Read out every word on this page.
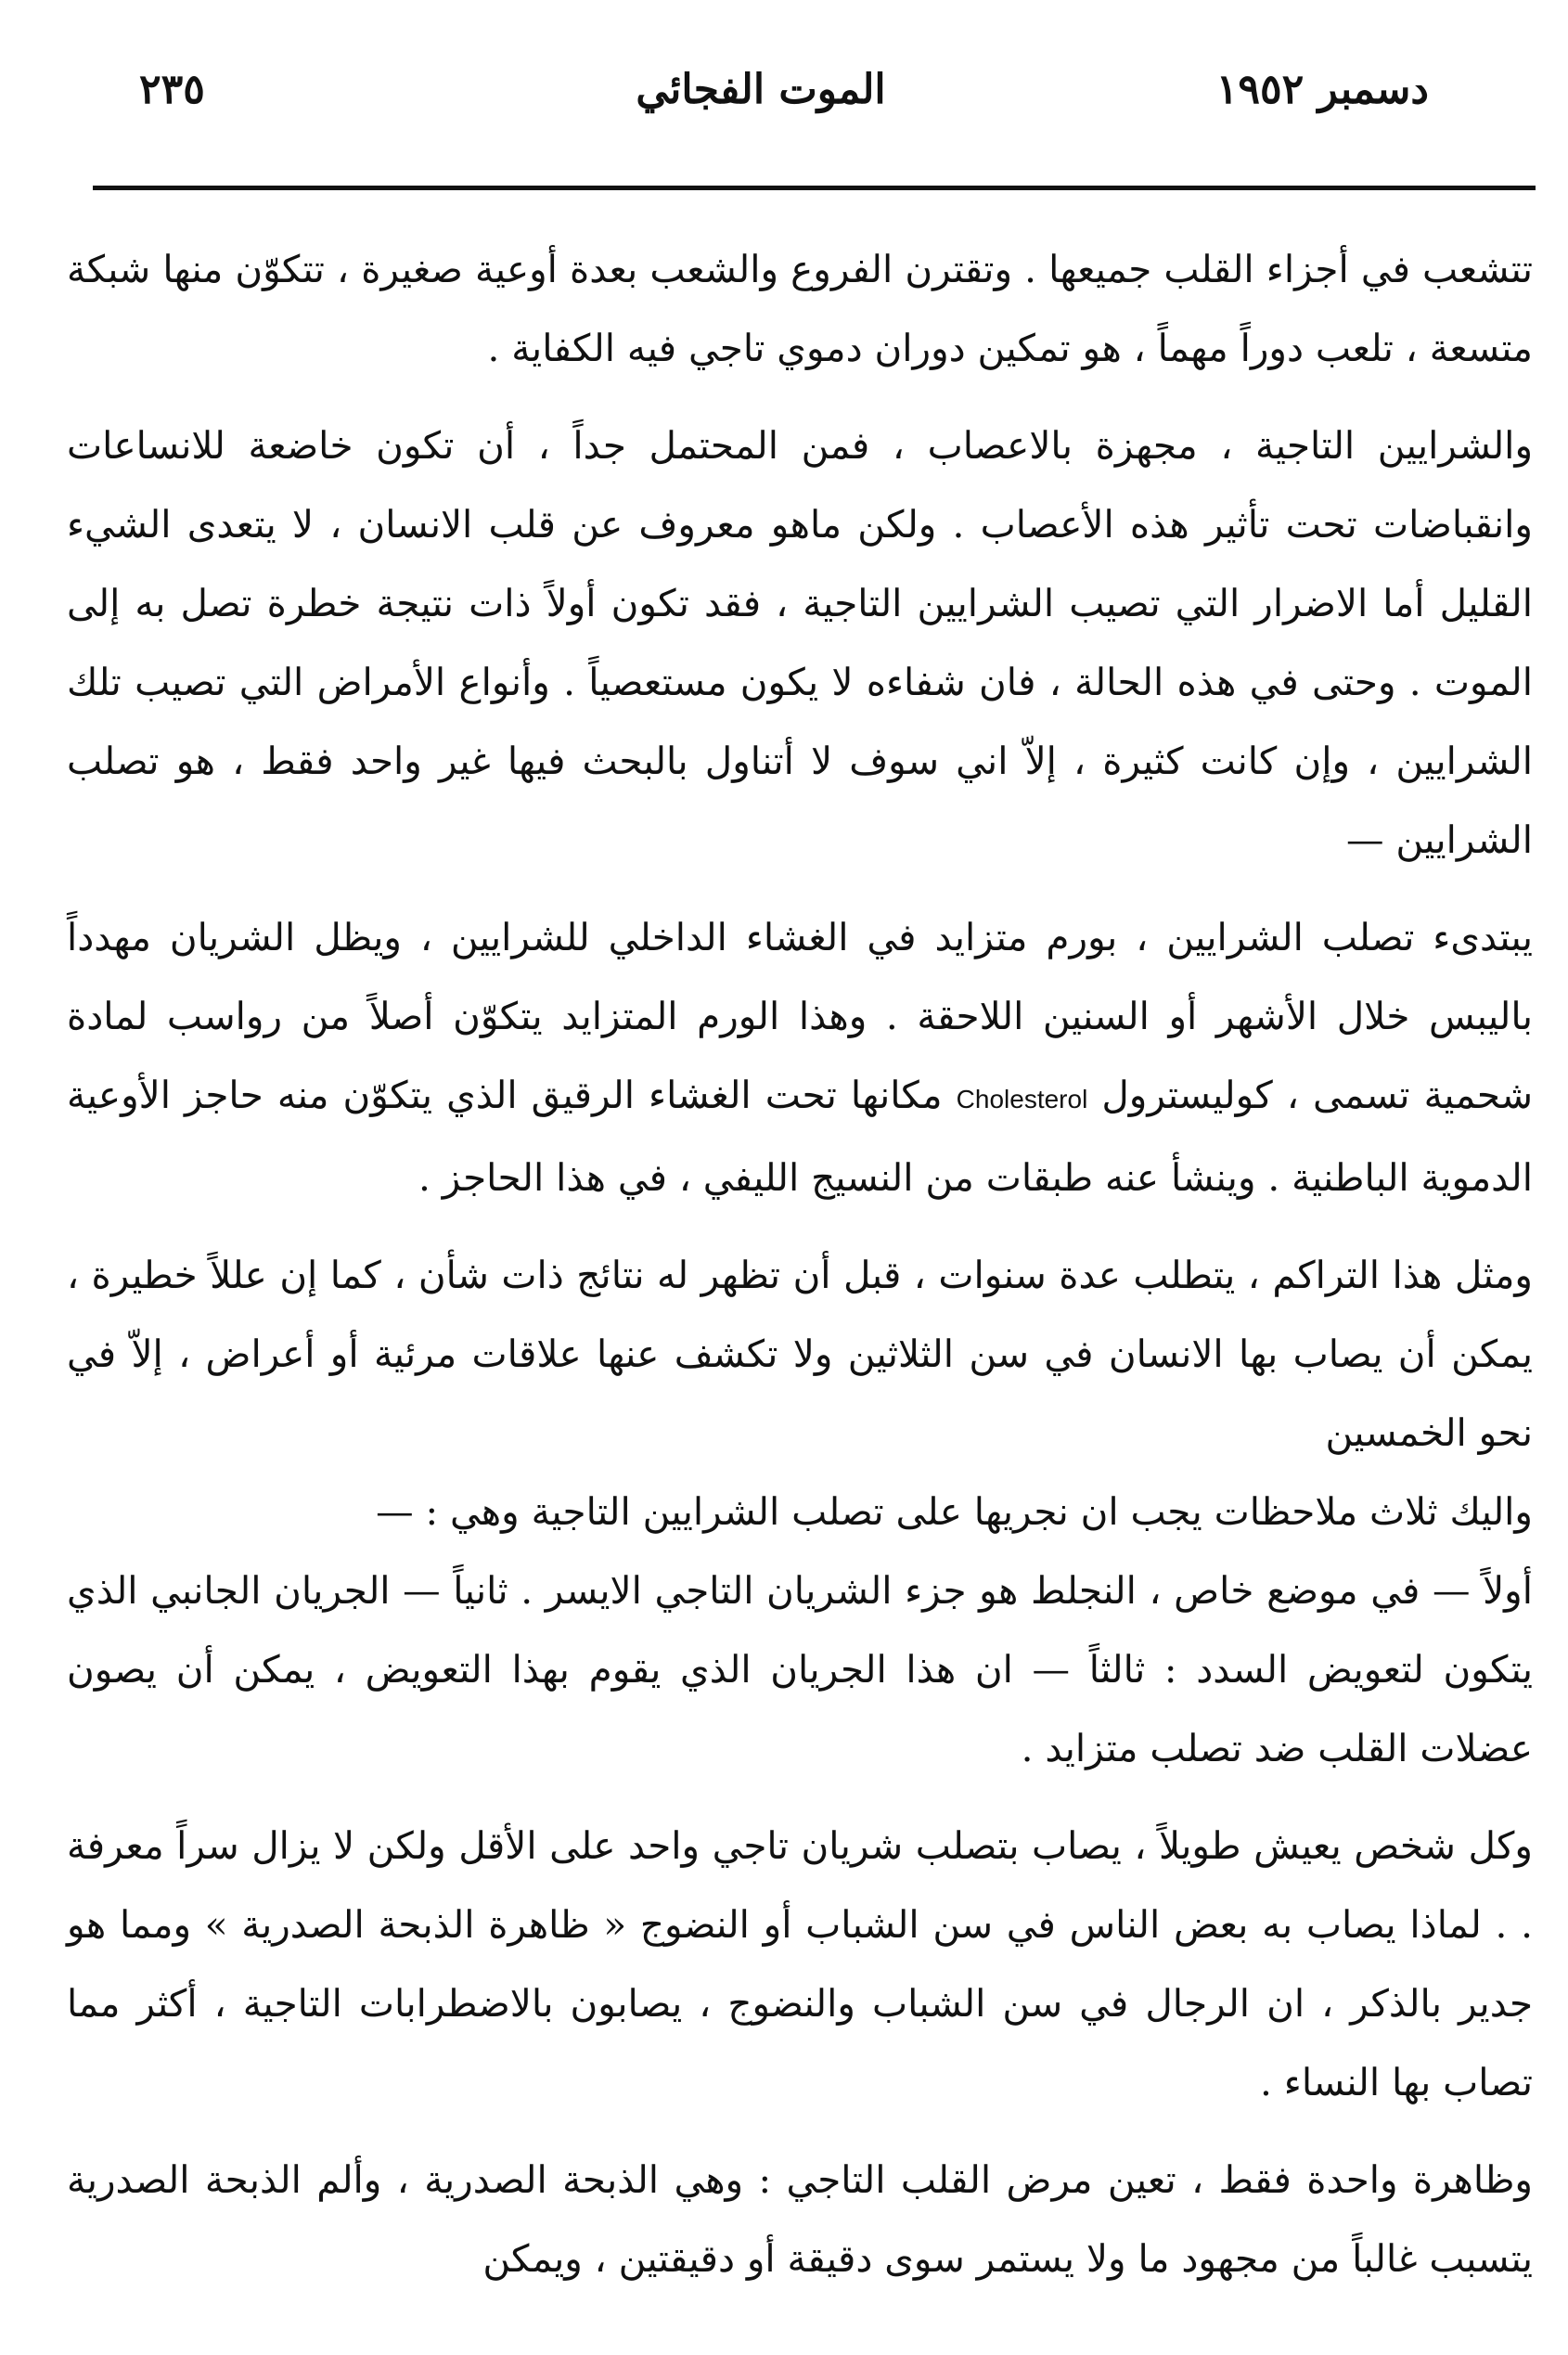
دسمبر ١٩٥٢
الموت الفجائي
٢٣٥

تتشعب في أجزاء القلب جميعها . وتقترن الفروع والشعب بعدة أوعية صغيرة ، تتكوّن منها شبكة متسعة ، تلعب دوراً مهماً ، هو تمكين دوران دموي تاجي فيه الكفاية .

والشرايين التاجية ، مجهزة بالاعصاب ، فمن المحتمل جداً ، أن تكون خاضعة للانساعات وانقباضات تحت تأثير هذه الأعصاب . ولكن ماهو معروف عن قلب الانسان ، لا يتعدى الشيء القليل أما الاضرار التي تصيب الشرايين التاجية ، فقد تكون أولاً ذات نتيجة خطرة تصل به إلى الموت . وحتى في هذه الحالة ، فان شفاءه لا يكون مستعصياً . وأنواع الأمراض التي تصيب تلك الشرايين ، وإن كانت كثيرة ، إلاّ اني سوف لا أتناول بالبحث فيها غير واحد فقط ، هو تصلب الشرايين —

يبتدىء تصلب الشرايين ، بورم متزايد في الغشاء الداخلي للشرايين ، ويظل الشريان مهدداً باليبس خلال الأشهر أو السنين اللاحقة . وهذا الورم المتزايد يتكوّن أصلاً من رواسب لمادة شحمية تسمى ، كوليسترول Cholesterol مكانها تحت الغشاء الرقيق الذي يتكوّن منه حاجز الأوعية الدموية الباطنية . وينشأ عنه طبقات من النسيج الليفي ، في هذا الحاجز .

ومثل هذا التراكم ، يتطلب عدة سنوات ، قبل أن تظهر له نتائج ذات شأن ، كما إن عللاً خطيرة ، يمكن أن يصاب بها الانسان في سن الثلاثين ولا تكشف عنها علاقات مرئية أو أعراض ، إلاّ في نحو الخمسين

واليك ثلاث ملاحظات يجب ان نجريها على تصلب الشرايين التاجية وهي : —

أولاً — في موضع خاص ، النجلط هو جزء الشريان التاجي الايسر . ثانياً — الجريان الجانبي الذي يتكون لتعويض السدد : ثالثاً — ان هذا الجريان الذي يقوم بهذا التعويض ، يمكن أن يصون عضلات القلب ضد تصلب متزايد .

وكل شخص يعيش طويلاً ، يصاب بتصلب شريان تاجي واحد على الأقل ولكن لا يزال سراً معرفة . . لماذا يصاب به بعض الناس في سن الشباب أو النضوج « ظاهرة الذبحة الصدرية » ومما هو جدير بالذكر ، ان الرجال في سن الشباب والنضوج ، يصابون بالاضطرابات التاجية ، أكثر مما تصاب بها النساء .

وظاهرة واحدة فقط ، تعين مرض القلب التاجي : وهي الذبحة الصدرية ، وألم الذبحة الصدرية يتسبب غالباً من مجهود ما ولا يستمر سوى دقيقة أو دقيقتين ، ويمكن
